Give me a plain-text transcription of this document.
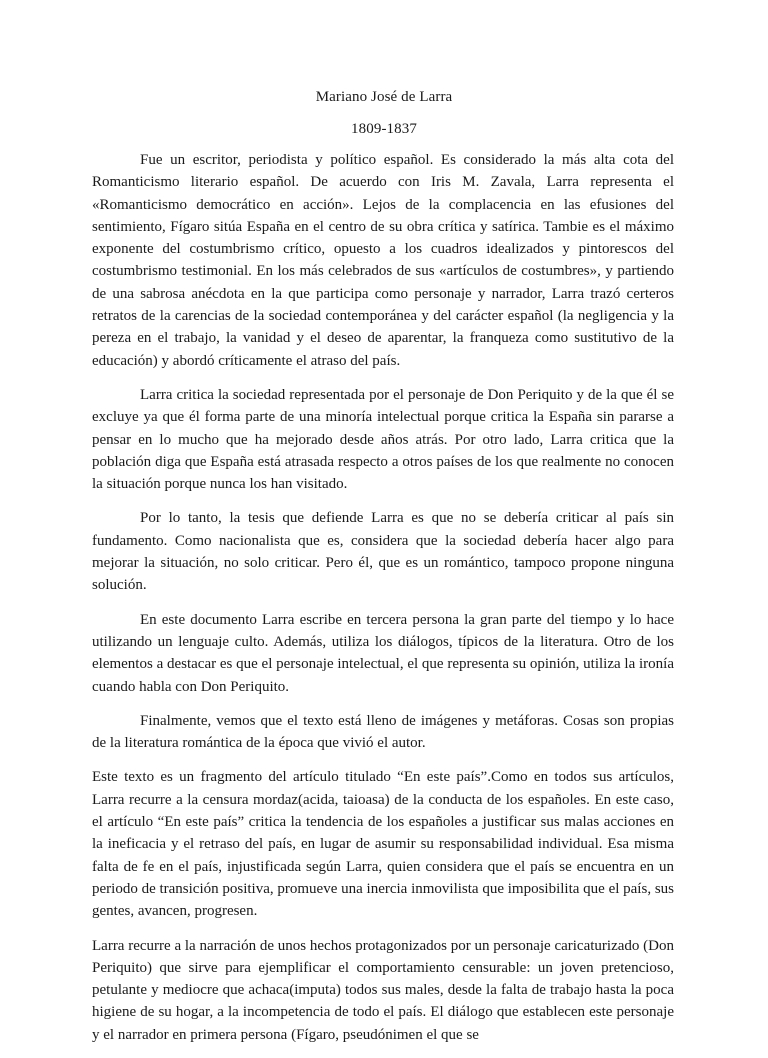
Mariano José de Larra
1809-1837

Fue un escritor, periodista y político español. Es considerado la más alta cota del Romanticismo literario español. De acuerdo con Iris M. Zavala, Larra representa el «Romanticismo democrático en acción». Lejos de la complacencia en las efusiones del sentimiento, Fígaro sitúa España en el centro de su obra crítica y satírica. Tambie es el máximo exponente del costumbrismo crítico, opuesto a los cuadros idealizados y pintorescos del costumbrismo testimonial. En los más celebrados de sus «artículos de costumbres», y partiendo de una sabrosa anécdota en la que participa como personaje y narrador, Larra trazó certeros retratos de la carencias de la sociedad contemporánea y del carácter español (la negligencia y la pereza en el trabajo, la vanidad y el deseo de aparentar, la franqueza como sustitutivo de la educación) y abordó críticamente el atraso del país.

Larra critica la sociedad representada por el personaje de Don Periquito y de la que él se excluye ya que él forma parte de una minoría intelectual porque critica la España sin pararse a pensar en lo mucho que ha mejorado desde años atrás. Por otro lado, Larra critica que la población diga que España está atrasada respecto a otros países de los que realmente no conocen la situación porque nunca los han visitado.

Por lo tanto, la tesis que defiende Larra es que no se debería criticar al país sin fundamento. Como nacionalista que es, considera que la sociedad debería hacer algo para mejorar la situación, no solo criticar. Pero él, que es un romántico, tampoco propone ninguna solución.

En este documento Larra escribe en tercera persona la gran parte del tiempo y lo hace utilizando un lenguaje culto. Además, utiliza los diálogos, típicos de la literatura. Otro de los elementos a destacar es que el personaje intelectual, el que representa su opinión, utiliza la ironía cuando habla con Don Periquito.

Finalmente, vemos que el texto está lleno de imágenes y metáforas. Cosas son propias de la literatura romántica de la época que vivió el autor.

Este texto es un fragmento del artículo titulado “En este país”.Como en todos sus artículos, Larra recurre a la censura mordaz(acida, taioasa) de la conducta de los españoles. En este caso, el artículo “En este país” critica la tendencia de los españoles a justificar sus malas acciones en la ineficacia y el retraso del país, en lugar de asumir su responsabilidad individual. Esa misma falta de fe en el país, injustificada según Larra, quien considera que el país se encuentra en un periodo de transición positiva, promueve una inercia inmovilista que imposibilita que el país, sus gentes, avancen, progresen.

Larra recurre a la narración de unos hechos protagonizados por un personaje caricaturizado (Don Periquito) que sirve para ejemplificar el comportamiento censurable: un joven pretencioso, petulante y mediocre que achaca(imputa) todos sus males, desde la falta de trabajo hasta la poca higiene de su hogar, a la incompetencia de todo el país. El diálogo que establecen este personaje y el narrador en primera persona (Fígaro, pseudónimen el que se
